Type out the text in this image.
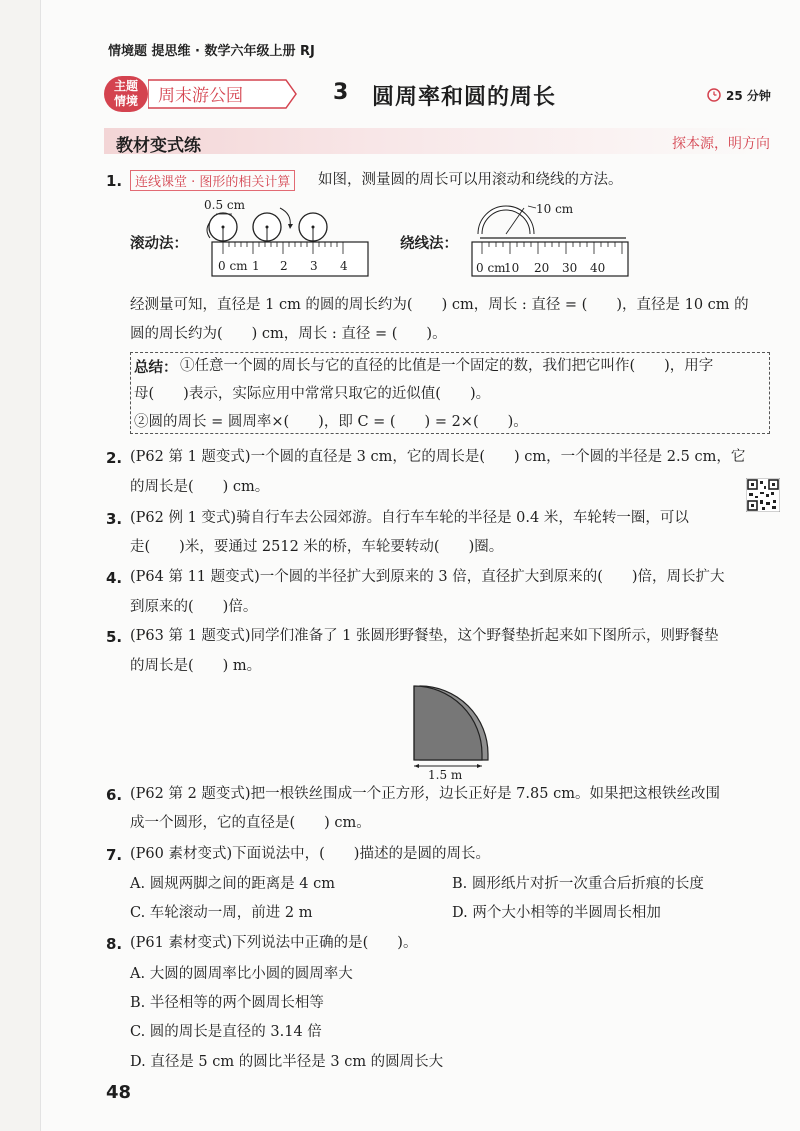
情境题 提思维 · 数学六年级上册 RJ
主题
情境	周末游公园	3 圆周率和圆的周长	25 分钟
教材变式练	探本源，明方向
1. 连线课堂 · 图形的相关计算	如图，测量圆的周长可以用滚动和绕线的方法。
滚动法：	绕线法：
0.5 cm
0 cm 1 2 3 4
10 cm
0 cm
10 20 30 40
经测量可知，直径是 1 cm 的圆的周长约为(　　) cm，周长 : 直径 = (　　)，直径是 10 cm 的
圆的周长约为(　　) cm，周长 : 直径 = (　　)。
总结： ①任意一个圆的周长与它的直径的比值是一个固定的数，我们把它叫作(　　)，用字
母(　　)表示，实际应用中常常只取它的近似值(　　)。
②圆的周长 = 圆周率×(　　)，即 C = (　　) = 2×(　　)。
2. (P62 第 1 题变式)一个圆的直径是 3 cm，它的周长是(　　) cm，一个圆的半径是 2.5 cm，它
的周长是(　　) cm。
3. (P62 例 1 变式)骑自行车去公园郊游。自行车车轮的半径是 0.4 米，车轮转一圈，可以
走(　　)米，要通过 2512 米的桥，车轮要转动(　　)圈。
4. (P64 第 11 题变式)一个圆的半径扩大到原来的 3 倍，直径扩大到原来的(　　)倍，周长扩大
到原来的(　　)倍。
5. (P63 第 1 题变式)同学们准备了 1 张圆形野餐垫，这个野餐垫折起来如下图所示，则野餐垫
的周长是(　　) m。
1.5 m
6. (P62 第 2 题变式)把一根铁丝围成一个正方形，边长正好是 7.85 cm。如果把这根铁丝改围
成一个圆形，它的直径是(　　) cm。
7. (P60 素材变式)下面说法中，(　　)描述的是圆的周长。
A. 圆规两脚之间的距离是 4 cm	B. 圆形纸片对折一次重合后折痕的长度
C. 车轮滚动一周，前进 2 m	D. 两个大小相等的半圆周长相加
8. (P61 素材变式)下列说法中正确的是(　　)。
A. 大圆的圆周率比小圆的圆周率大
B. 半径相等的两个圆周长相等
C. 圆的周长是直径的 3.14 倍
D. 直径是 5 cm 的圆比半径是 3 cm 的圆周长大
48
